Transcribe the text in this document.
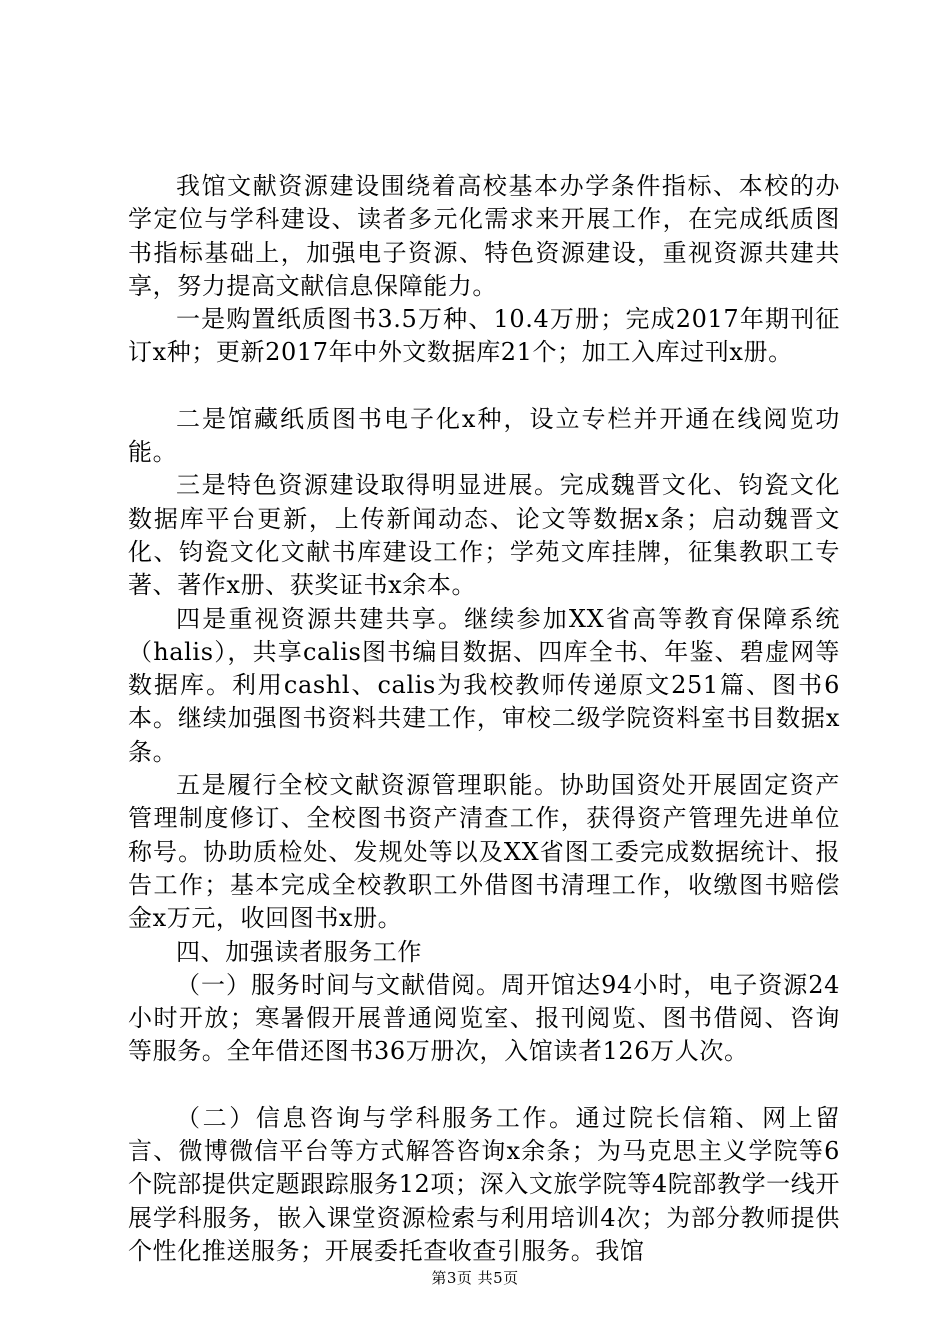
我馆文献资源建设围绕着高校基本办学条件指标、本校的办学定位与学科建设、读者多元化需求来开展工作，在完成纸质图书指标基础上，加强电子资源、特色资源建设，重视资源共建共享，努力提高文献信息保障能力。

一是购置纸质图书3.5万种、10.4万册；完成2017年期刊征订x种；更新2017年中外文数据库21个；加工入库过刊x册。

二是馆藏纸质图书电子化x种，设立专栏并开通在线阅览功能。

三是特色资源建设取得明显进展。完成魏晋文化、钧瓷文化数据库平台更新，上传新闻动态、论文等数据x条；启动魏晋文化、钧瓷文化文献书库建设工作；学苑文库挂牌，征集教职工专著、著作x册、获奖证书x余本。

四是重视资源共建共享。继续参加XX省高等教育保障系统（halis），共享calis图书编目数据、四库全书、年鉴、碧虚网等数据库。利用cashl、calis为我校教师传递原文251篇、图书6本。继续加强图书资料共建工作，审校二级学院资料室书目数据x条。

五是履行全校文献资源管理职能。协助国资处开展固定资产管理制度修订、全校图书资产清查工作，获得资产管理先进单位称号。协助质检处、发规处等以及XX省图工委完成数据统计、报告工作；基本完成全校教职工外借图书清理工作，收缴图书赔偿金x万元，收回图书x册。

四、加强读者服务工作

（一）服务时间与文献借阅。周开馆达94小时，电子资源24小时开放；寒暑假开展普通阅览室、报刊阅览、图书借阅、咨询等服务。全年借还图书36万册次，入馆读者126万人次。

（二）信息咨询与学科服务工作。通过院长信箱、网上留言、微博微信平台等方式解答咨询x余条；为马克思主义学院等6个院部提供定题跟踪服务12项；深入文旅学院等4院部教学一线开展学科服务，嵌入课堂资源检索与利用培训4次；为部分教师提供个性化推送服务；开展委托查收查引服务。我馆

第3页 共5页
